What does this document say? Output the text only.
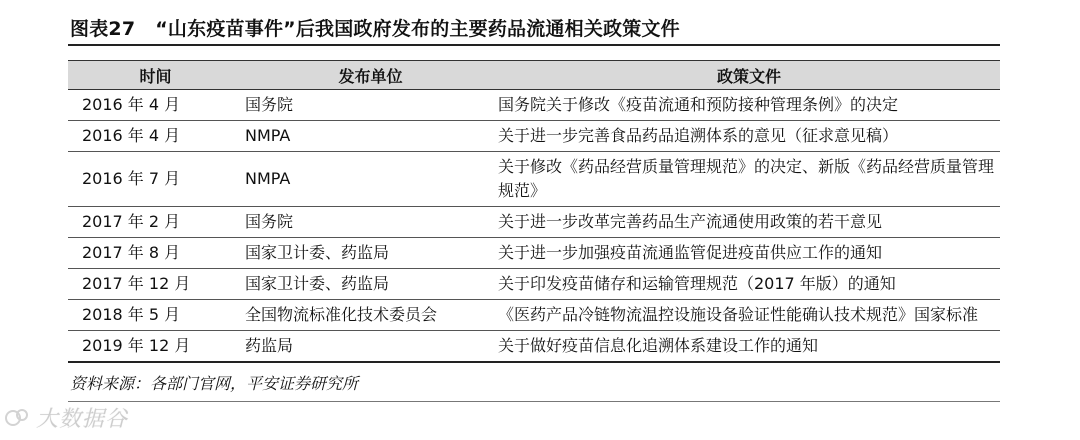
图表27 “山东疫苗事件”后我国政府发布的主要药品流通相关政策文件
时间	发布单位	政策文件
2016 年 4 月	国务院	国务院关于修改《疫苗流通和预防接种管理条例》的决定
2016 年 4 月	NMPA	关于进一步完善食品药品追溯体系的意见（征求意见稿）
2016 年 7 月	NMPA	关于修改《药品经营质量管理规范》的决定、新版《药品经营质量管理规范》
2017 年 2 月	国务院	关于进一步改革完善药品生产流通使用政策的若干意见
2017 年 8 月	国家卫计委、药监局	关于进一步加强疫苗流通监管促进疫苗供应工作的通知
2017 年 12 月	国家卫计委、药监局	关于印发疫苗储存和运输管理规范（2017 年版）的通知
2018 年 5 月	全国物流标准化技术委员会	《医药产品冷链物流温控设施设备验证性能确认技术规范》国家标准
2019 年 12 月	药监局	关于做好疫苗信息化追溯体系建设工作的通知
资料来源：各部门官网，平安证券研究所
大数据谷
